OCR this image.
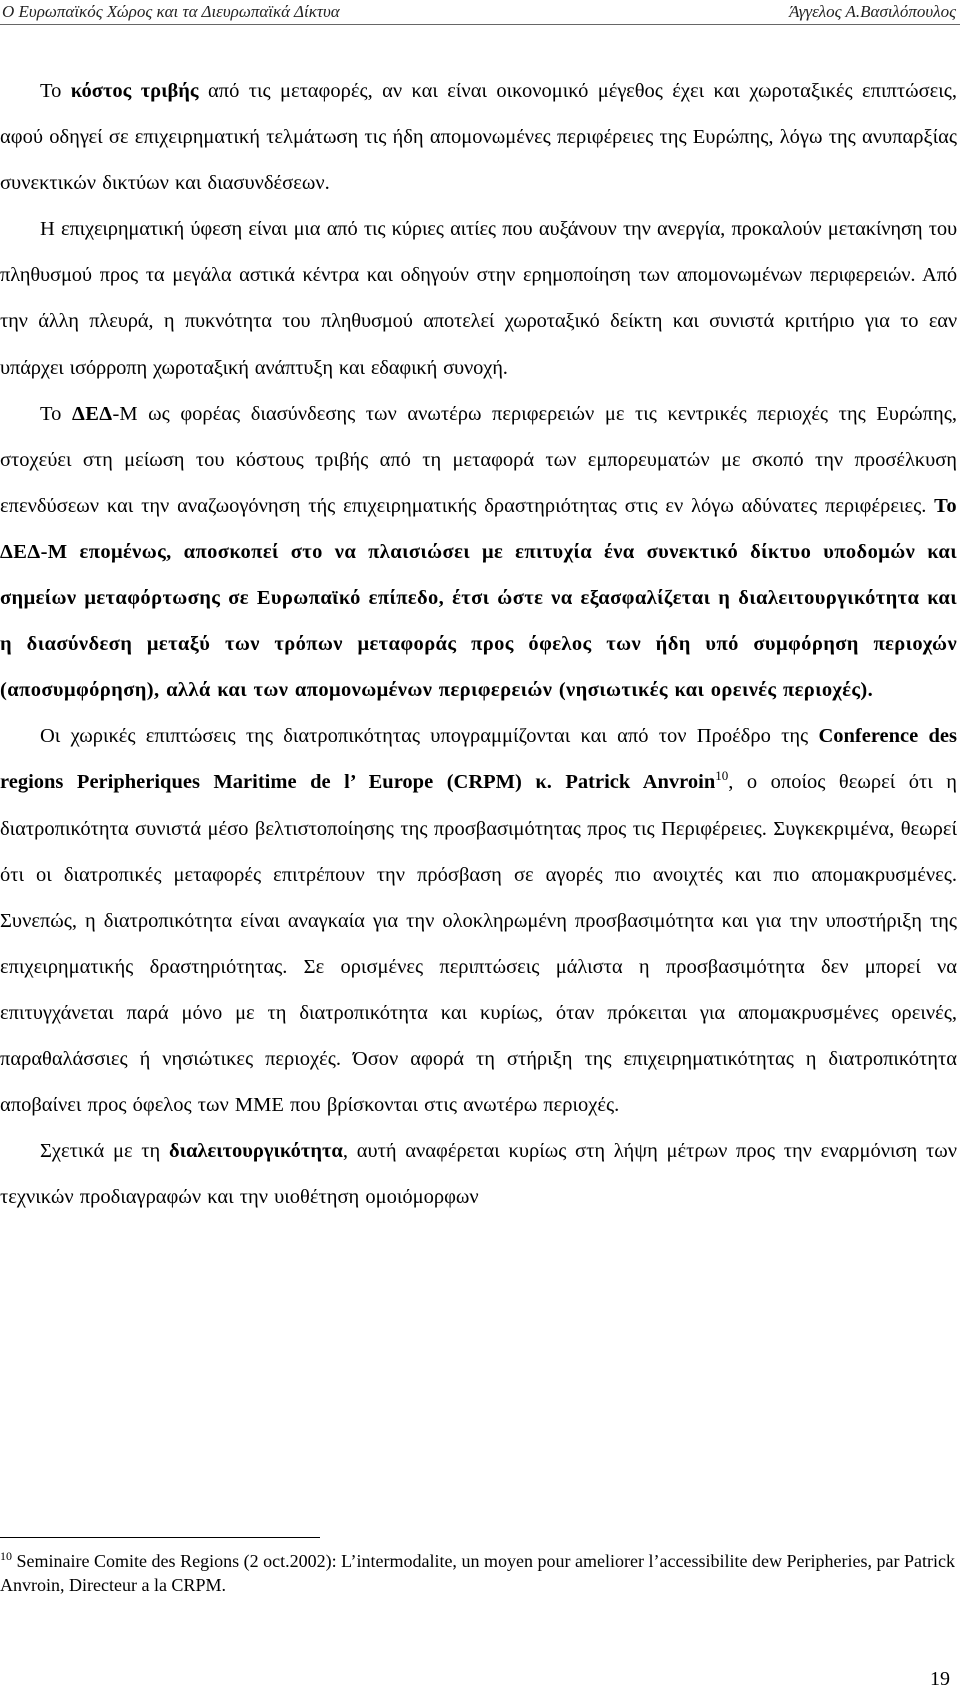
Ο Ευρωπαϊκός Χώρος και τα Διευρωπαϊκά Δίκτυα	Άγγελος Α.Βασιλόπουλος

Το κόστος τριβής από τις μεταφορές, αν και είναι οικονομικό μέγεθος έχει και χωροταξικές επιπτώσεις, αφού οδηγεί σε επιχειρηματική τελμάτωση τις ήδη απομονωμένες περιφέρειες της Ευρώπης, λόγω της ανυπαρξίας συνεκτικών δικτύων και διασυνδέσεων.

Η επιχειρηματική ύφεση είναι μια από τις κύριες αιτίες που αυξάνουν την ανεργία, προκαλούν μετακίνηση του πληθυσμού προς τα μεγάλα αστικά κέντρα και οδηγούν στην ερημοποίηση των απομονωμένων περιφερειών. Από την άλλη πλευρά, η πυκνότητα του πληθυσμού αποτελεί χωροταξικό δείκτη και συνιστά κριτήριο για το εαν υπάρχει ισόρροπη χωροταξική ανάπτυξη και εδαφική συνοχή.

Το ΔΕΔ-Μ ως φορέας διασύνδεσης των ανωτέρω περιφερειών με τις κεντρικές περιοχές της Ευρώπης, στοχεύει στη μείωση του κόστους τριβής από τη μεταφορά των εμπορευματών με σκοπό την προσέλκυση επενδύσεων και την αναζωογόνηση τής επιχειρηματικής δραστηριότητας στις εν λόγω αδύνατες περιφέρειες. Το ΔΕΔ-Μ επομένως, αποσκοπεί στο να πλαισιώσει με επιτυχία ένα συνεκτικό δίκτυο υποδομών και σημείων μεταφόρτωσης σε Ευρωπαϊκό επίπεδο, έτσι ώστε να εξασφαλίζεται η διαλειτουργικότητα και η διασύνδεση μεταξύ των τρόπων μεταφοράς προς όφελος των ήδη υπό συμφόρηση περιοχών (αποσυμφόρηση), αλλά και των απομονωμένων περιφερειών (νησιωτικές και ορεινές περιοχές).

Οι χωρικές επιπτώσεις της διατροπικότητας υπογραμμίζονται και από τον Προέδρο της Conference des regions Peripheriques Maritime de l’ Europe (CRPM) κ. Patrick Anvroin$^{10}$, ο οποίος θεωρεί ότι η διατροπικότητα συνιστά μέσο βελτιστοποίησης της προσβασιμότητας προς τις Περιφέρειες. Συγκεκριμένα, θεωρεί ότι οι διατροπικές μεταφορές επιτρέπουν την πρόσβαση σε αγορές πιο ανοιχτές και πιο απομακρυσμένες. Συνεπώς, η διατροπικότητα είναι αναγκαία για την ολοκληρωμένη προσβασιμότητα και για την υποστήριξη της επιχειρηματικής δραστηριότητας. Σε ορισμένες περιπτώσεις μάλιστα η προσβασιμότητα δεν μπορεί να επιτυγχάνεται παρά μόνο με τη διατροπικότητα και κυρίως, όταν πρόκειται για απομακρυσμένες ορεινές, παραθαλάσσιες ή νησιώτικες περιοχές. Όσον αφορά τη στήριξη της επιχειρηματικότητας η διατροπικότητα αποβαίνει προς όφελος των ΜΜΕ που βρίσκονται στις ανωτέρω περιοχές.

Σχετικά με τη διαλειτουργικότητα, αυτή αναφέρεται κυρίως στη λήψη μέτρων προς την εναρμόνιση των τεχνικών προδιαγραφών και την υιοθέτηση ομοιόμορφων

$^{10}$ Seminaire Comite des Regions (2 oct.2002): L’intermodalite, un moyen pour ameliorer l’accessibilite dew Peripheries, par Patrick Anvroin, Directeur a la CRPM.
19
